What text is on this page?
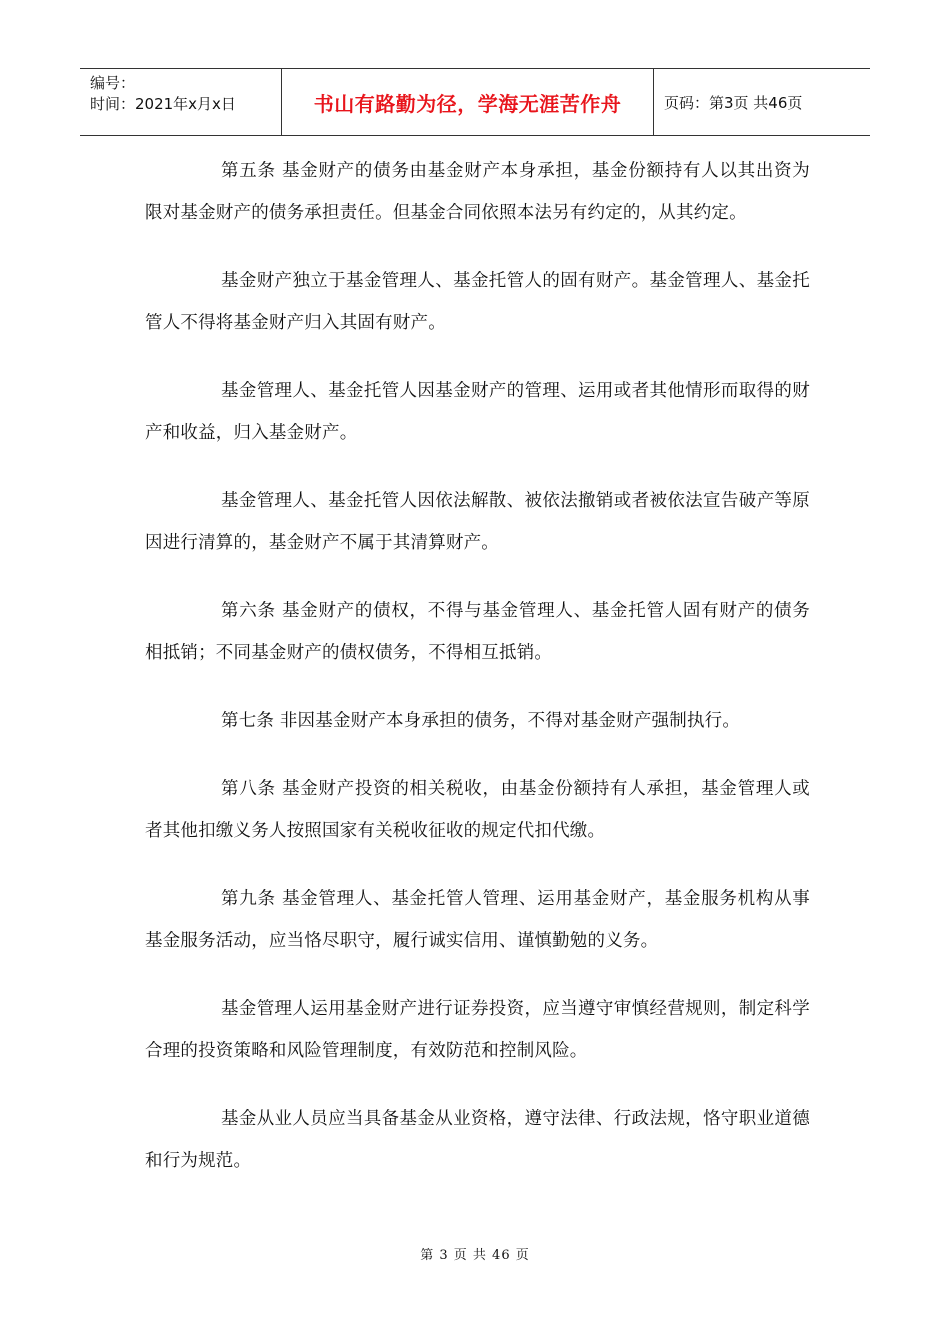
编号：
时间：2021年x月x日	书山有路勤为径，学海无涯苦作舟	页码：第3页 共46页

第五条 基金财产的债务由基金财产本身承担，基金份额持有人以其出资为限对基金财产的债务承担责任。但基金合同依照本法另有约定的，从其约定。

基金财产独立于基金管理人、基金托管人的固有财产。基金管理人、基金托管人不得将基金财产归入其固有财产。

基金管理人、基金托管人因基金财产的管理、运用或者其他情形而取得的财产和收益，归入基金财产。

基金管理人、基金托管人因依法解散、被依法撤销或者被依法宣告破产等原因进行清算的，基金财产不属于其清算财产。

第六条 基金财产的债权，不得与基金管理人、基金托管人固有财产的债务相抵销；不同基金财产的债权债务，不得相互抵销。

第七条 非因基金财产本身承担的债务，不得对基金财产强制执行。

第八条 基金财产投资的相关税收，由基金份额持有人承担，基金管理人或者其他扣缴义务人按照国家有关税收征收的规定代扣代缴。

第九条 基金管理人、基金托管人管理、运用基金财产，基金服务机构从事基金服务活动，应当恪尽职守，履行诚实信用、谨慎勤勉的义务。

基金管理人运用基金财产进行证券投资，应当遵守审慎经营规则，制定科学合理的投资策略和风险管理制度，有效防范和控制风险。

基金从业人员应当具备基金从业资格，遵守法律、行政法规，恪守职业道德和行为规范。

第 3 页 共 46 页
